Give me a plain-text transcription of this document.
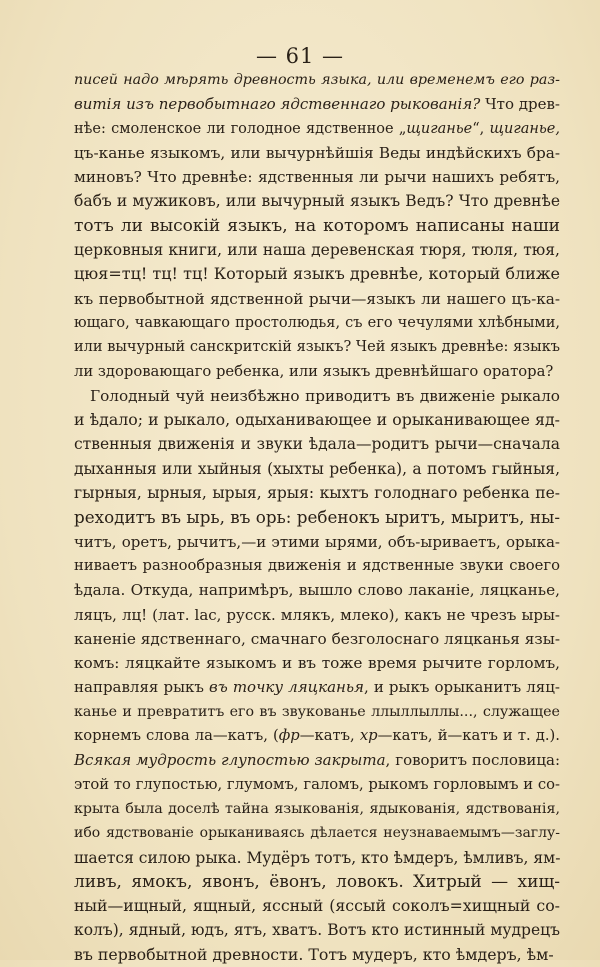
— 61 —
писей надо мѣрять древность языка, или временемъ его раз-
витія изъ первобытнаго ядственнаго рыкованія? Что древ-
нѣе: смоленское ли голодное ядственное „щиганье“, щиганье,
цъ-канье языкомъ, или вычурнѣйшія Веды индѣйскихъ бра-
миновъ? Что древнѣе: ядственныя ли рычи нашихъ ребятъ,
бабъ и мужиковъ, или вычурный языкъ Ведъ? Что древнѣе
тотъ ли высокій языкъ, на которомъ написаны наши
церковныя книги, или наша деревенская тюря, тюля, тюя,
цюя=тц! тц! тц! Который языкъ древнѣе, который ближе
къ первобытной ядственной рычи—языкъ ли нашего цъ-ка-
ющаго, чавкающаго простолюдья, съ его чечулями хлѣбными,
или вычурный санскритскій языкъ? Чей языкъ древнѣе: языкъ
ли здоровающаго ребенка, или языкъ древнѣйшаго оратора?
Голодный чуй неизбѣжно приводитъ въ движеніе рыкало
и ѣдало; и рыкало, одыханивающее и орыканивающее яд-
ственныя движенія и звуки ѣдала—родитъ рычи—сначала
дыханныя или хыйныя (хыхты ребенка), а потомъ гыйныя,
гырныя, ырныя, ырыя, ярыя: кыхтъ голоднаго ребенка пе-
реходитъ въ ырь, въ орь: ребенокъ ыритъ, мыритъ, ны-
читъ, оретъ, рычитъ,—и этими ырями, объ-ыриваетъ, орыка-
ниваетъ разнообразныя движенія и ядственные звуки своего
ѣдала. Откуда, напримѣръ, вышло слово лаканіе, ляцканье,
ляцъ, лц! (лат. lac, русск. млякъ, млеко), какъ не чрезъ ыры-
каненіе ядственнаго, смачнаго безголоснаго ляцканья язы-
комъ: ляцкайте языкомъ и въ тоже время рычите горломъ,
направляя рыкъ въ точку ляцканья, и рыкъ орыканитъ ляц-
канье и превратитъ его въ звукованье ллыллыллы..., служащее
корнемъ слова ла—катъ, (фр—катъ, хр—катъ, й—катъ и т. д.).
Всякая мудрость глупостью закрыта, говоритъ пословица:
этой то глупостью, глумомъ, галомъ, рыкомъ горловымъ и со-
крыта была доселѣ тайна языкованія, ядыкованія, ядствованія,
ибо ядствованіе орыканиваясь дѣлается неузнаваемымъ—заглу-
шается силою рыка. Мудёръ тотъ, кто ѣмдеръ, ѣмливъ, ям-
ливъ, ямокъ, явонъ, ёвонъ, ловокъ. Хитрый — хищ-
ный—ищный, ящный, яссный (яссый соколъ=хищный со-
колъ), ядный, юдъ, ятъ, хватъ. Вотъ кто истинный мудрецъ
въ первобытной древности. Тотъ мудеръ, кто ѣмдеръ, ѣм-
